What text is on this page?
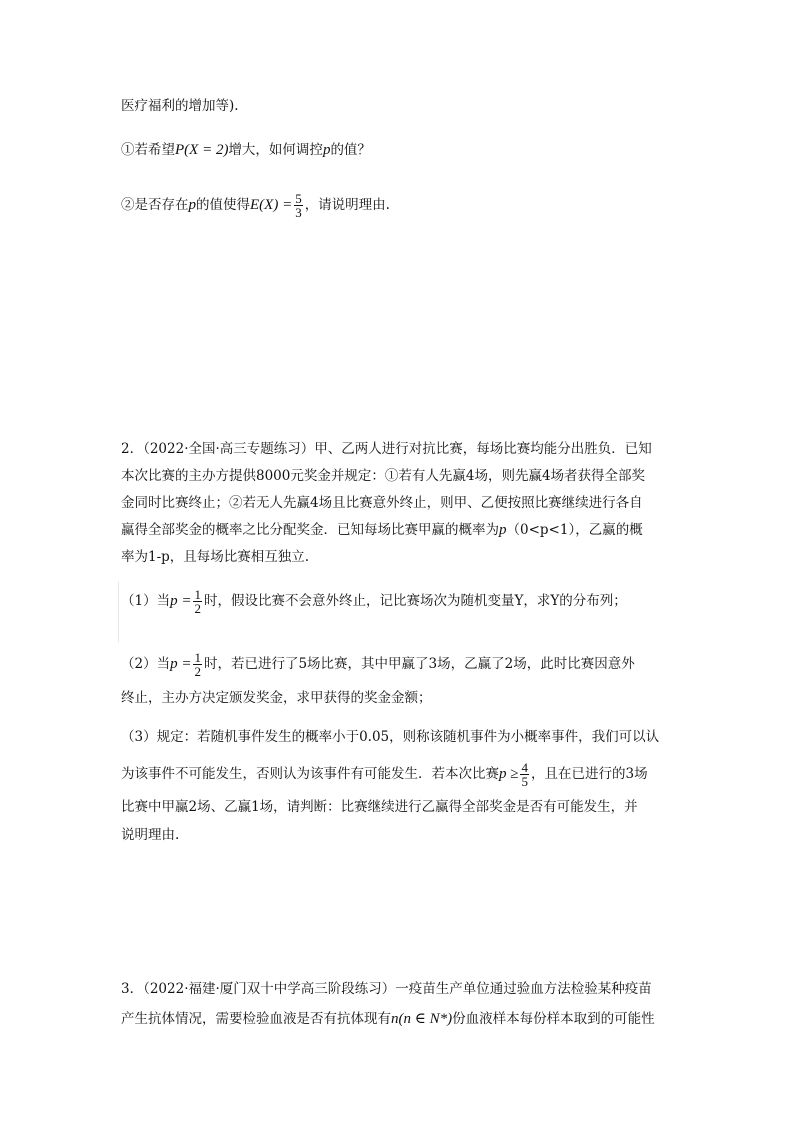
医疗福利的增加等).
①若希望P(X = 2)增大，如何调控p的值？
②是否存在p的值使得$E(X) = \frac{5}{3}$ ，请说明理由.
2．（2022·全国·高三专题练习）甲、乙两人进行对抗比赛，每场比赛均能分出胜负．已知
本次比赛的主办方提供8000元奖金并规定：①若有人先赢4场，则先赢4场者获得全部奖
金同时比赛终止；②若无人先赢4场且比赛意外终止，则甲、乙便按照比赛继续进行各自
赢得全部奖金的概率之比分配奖金．已知每场比赛甲赢的概率为p（0<p<1），乙赢的概
率为1-p，且每场比赛相互独立.
（1）当$p = \frac{1}{2}$ 时，假设比赛不会意外终止，记比赛场次为随机变量Y，求Y的分布列；
（2）当$p = \frac{1}{2}$ 时，若已进行了5场比赛，其中甲赢了3场，乙赢了2场，此时比赛因意外
终止，主办方决定颁发奖金，求甲获得的奖金金额；
（3）规定：若随机事件发生的概率小于0.05，则称该随机事件为小概率事件，我们可以认
为该事件不可能发生，否则认为该事件有可能发生．若本次比赛$p \ge \frac{4}{5}$ ，且在已进行的3场
比赛中甲赢2场、乙赢1场，请判断：比赛继续进行乙赢得全部奖金是否有可能发生，并
说明理由.
3．（2022·福建·厦门双十中学高三阶段练习）一疫苗生产单位通过验血方法检验某种疫苗
产生抗体情况，需要检验血液是否有抗体现有n(n ∈ N*)份血液样本每份样本取到的可能性
